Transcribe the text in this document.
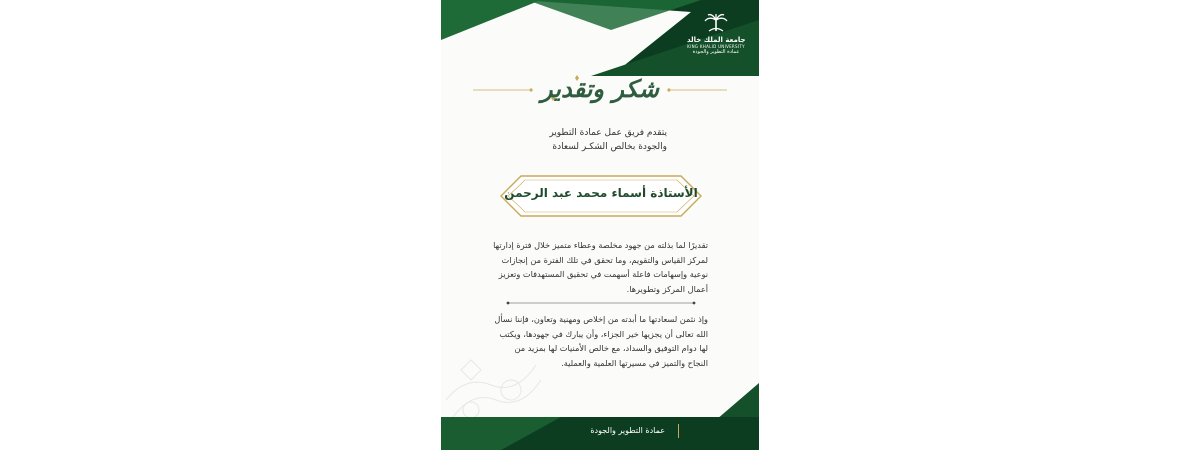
جامعة الملك خالد
KING KHALID UNIVERSITY
عمادة التطوير والجودة
شكر وتقدير
يتقدم فريق عمل عمادة التطوير
والجودة بخالص الشكـر لسعادة
الأستاذة أسماء محمد عبد الرحمن
تقديرًا لما بذلته من جهود مخلصة وعطاء متميز خلال فترة إدارتها لمركز القياس والتقويم، وما تحقق في تلك الفترة من إنجازات نوعية وإسهامات فاعلة أسهمت في تحقيق المستهدفات وتعزيز أعمال المركز وتطويرها.
وإذ نثمن لسعادتها ما أبدته من إخلاص ومهنية وتعاون، فإننا نسأل الله تعالى أن يجزيها خير الجزاء، وأن يبارك في جهودها، ويكتب لها دوام التوفيق والسداد، مع خالص الأمنيات لها بمزيد من النجاح والتميز في مسيرتها العلمية والعملية.
عمادة التطوير والجودة
